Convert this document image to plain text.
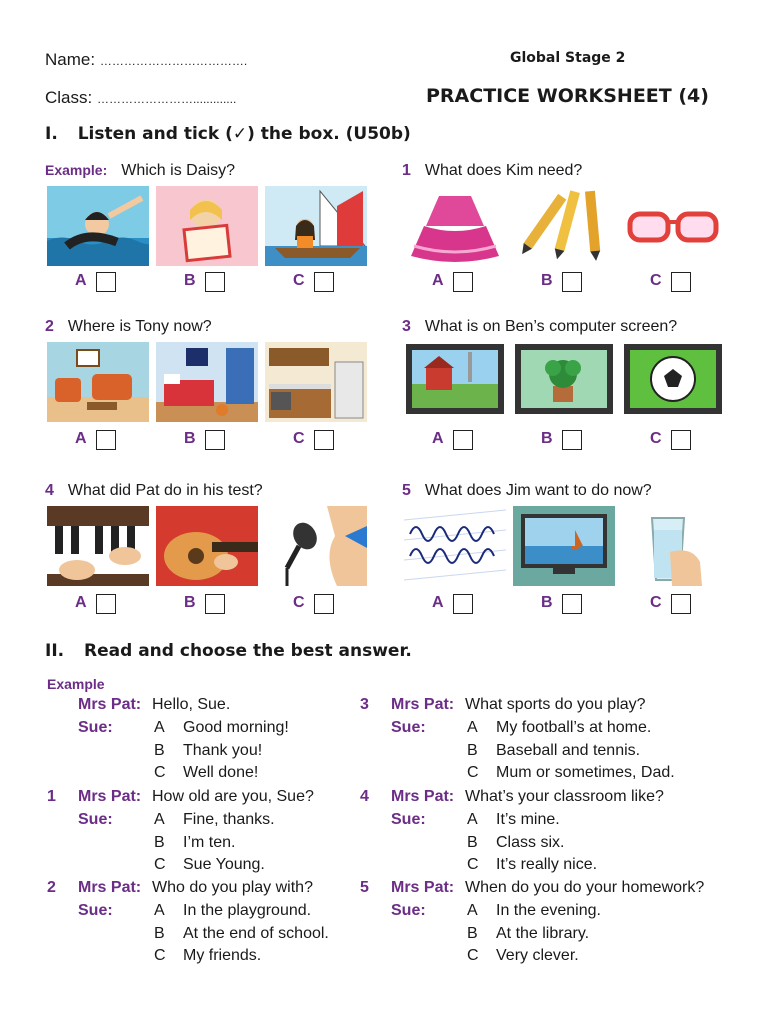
Name: ……………………………….
Class: …………………….............
Global Stage 2
PRACTICE WORKSHEET (4)
I. Listen and tick (✓) the box. (U50b)
Example: Which is Daisy?
A	B	C
1 What does Kim need?
A	B	C
2 Where is Tony now?
A	B	C
3 What is on Ben’s computer screen?
A	B	C
4 What did Pat do in his test?
A	B	C
5 What does Jim want to do now?
A	B	C
II. Read and choose the best answer.
Example
Mrs Pat: Hello, Sue.
Sue:	A Good morning!
B Thank you!
C Well done!
1 Mrs Pat: How old are you, Sue?
Sue:	A Fine, thanks.
B I’m ten.
C Sue Young.
2 Mrs Pat: Who do you play with?
Sue:	A In the playground.
B At the end of school.
C My friends.
3 Mrs Pat: What sports do you play?
Sue:	A My football’s at home.
B Baseball and tennis.
C Mum or sometimes, Dad.
4 Mrs Pat: What’s your classroom like?
Sue:	A It’s mine.
B Class six.
C It’s really nice.
5 Mrs Pat: When do you do your homework?
Sue:	A In the evening.
B At the library.
C Very clever.
